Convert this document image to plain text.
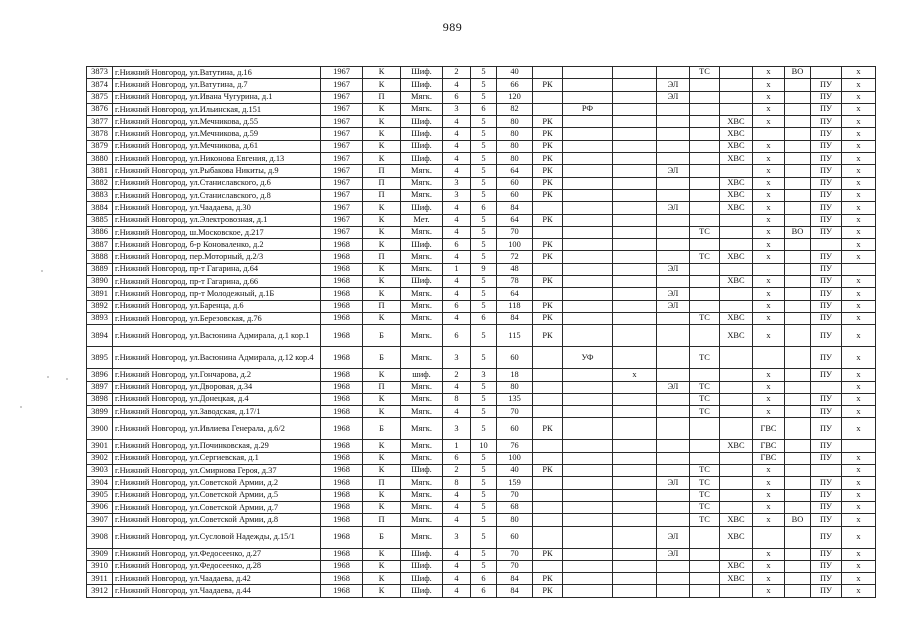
989
3873	г.Нижний Новгород, ул.Ватутина, д.16	1967	К	Шиф.	2	5	40					ТС		х	ВО		х
3874	г.Нижний Новгород, ул.Ватутина, д.7	1967	К	Шиф.	4	5	66	РК			ЭЛ			х		ПУ	х
3875	г.Нижний Новгород, ул.Ивана Чугурина, д.1	1967	П	Мягк.	6	5	120				ЭЛ			х		ПУ	х
3876	г.Нижний Новгород, ул.Ильинская, д.151	1967	К	Мягк.	3	6	82		РФ					х		ПУ	х
3877	г.Нижний Новгород, ул.Мечникова, д.55	1967	К	Шиф.	4	5	80	РК					ХВС	х		ПУ	х
3878	г.Нижний Новгород, ул.Мечникова, д.59	1967	К	Шиф.	4	5	80	РК					ХВС			ПУ	х
3879	г.Нижний Новгород, ул.Мечникова, д.61	1967	К	Шиф.	4	5	80	РК					ХВС	х		ПУ	х
3880	г.Нижний Новгород, ул.Никонова Евгения, д.13	1967	К	Шиф.	4	5	80	РК					ХВС	х		ПУ	х
3881	г.Нижний Новгород, ул.Рыбакова Никиты, д.9	1967	П	Мягк.	4	5	64	РК			ЭЛ			х		ПУ	х
3882	г.Нижний Новгород, ул.Станиславского, д.6	1967	П	Мягк.	3	5	60	РК					ХВС	х		ПУ	х
3883	г.Нижний Новгород, ул.Станиславского, д.8	1967	П	Мягк.	3	5	60	РК					ХВС	х		ПУ	х
3884	г.Нижний Новгород, ул.Чаадаева, д.30	1967	К	Шиф.	4	6	84				ЭЛ		ХВС	х		ПУ	х
3885	г.Нижний Новгород, ул.Электровозная, д.1	1967	К	Мет.	4	5	64	РК						х		ПУ	х
3886	г.Нижний Новгород, ш.Московское, д.217	1967	К	Мягк.	4	5	70					ТС		х	ВО	ПУ	х
3887	г.Нижний Новгород, б-р Коноваленко, д.2	1968	К	Шиф.	6	5	100	РК						х			х
3888	г.Нижний Новгород, пер.Моторный, д.2/3	1968	П	Мягк.	4	5	72	РК				ТС	ХВС	х		ПУ	х
3889	г.Нижний Новгород, пр-т Гагарина, д.64	1968	К	Мягк.	1	9	48				ЭЛ					ПУ	
3890	г.Нижний Новгород, пр-т Гагарина, д.66	1968	К	Шиф.	4	5	78	РК					ХВС	х		ПУ	х
3891	г.Нижний Новгород, пр-т Молодежный, д.1Б	1968	К	Мягк.	4	5	64				ЭЛ			х		ПУ	х
3892	г.Нижний Новгород, ул.Баренца, д.6	1968	П	Мягк.	6	5	118	РК			ЭЛ			х		ПУ	х
3893	г.Нижний Новгород, ул.Березовская, д.76	1968	К	Мягк.	4	6	84	РК				ТС	ХВС	х		ПУ	х
3894	г.Нижний Новгород, ул.Васюнина Адмирала, д.1 кор.1	1968	Б	Мягк.	6	5	115	РК					ХВС	х		ПУ	х
3895	г.Нижний Новгород, ул.Васюнина Адмирала, д.12 кор.4	1968	Б	Мягк.	3	5	60		УФ			ТС				ПУ	х
3896	г.Нижний Новгород, ул.Гончарова, д.2	1968	К	шиф.	2	3	18			х				х		ПУ	х
3897	г.Нижний Новгород, ул.Дворовая, д.34	1968	П	Мягк.	4	5	80				ЭЛ	ТС		х			х
3898	г.Нижний Новгород, ул.Донецкая, д.4	1968	К	Мягк.	8	5	135					ТС		х		ПУ	х
3899	г.Нижний Новгород, ул.Заводская, д.17/1	1968	К	Мягк.	4	5	70					ТС		х		ПУ	х
3900	г.Нижний Новгород, ул.Ивлиева Генерала, д.6/2	1968	Б	Мягк.	3	5	60	РК						ГВС		ПУ	х
3901	г.Нижний Новгород, ул.Починковская, д.29	1968	К	Мягк.	1	10	76						ХВС	ГВС		ПУ	
3902	г.Нижний Новгород, ул.Сергиевская, д.1	1968	К	Мягк.	6	5	100							ГВС		ПУ	х
3903	г.Нижний Новгород, ул.Смирнова Героя, д.37	1968	К	Шиф.	2	5	40	РК				ТС		х			х
3904	г.Нижний Новгород, ул.Советской Армии, д.2	1968	П	Мягк.	8	5	159				ЭЛ	ТС		х		ПУ	х
3905	г.Нижний Новгород, ул.Советской Армии, д.5	1968	К	Мягк.	4	5	70					ТС		х		ПУ	х
3906	г.Нижний Новгород, ул.Советской Армии, д.7	1968	К	Мягк.	4	5	68					ТС		х		ПУ	х
3907	г.Нижний Новгород, ул.Советской Армии, д.8	1968	П	Мягк.	4	5	80					ТС	ХВС	х	ВО	ПУ	х
3908	г.Нижний Новгород, ул.Сусловой Надежды, д.15/1	1968	Б	Мягк.	3	5	60				ЭЛ		ХВС			ПУ	х
3909	г.Нижний Новгород, ул.Федосеенко, д.27	1968	К	Шиф.	4	5	70	РК			ЭЛ			х		ПУ	х
3910	г.Нижний Новгород, ул.Федосеенко, д.28	1968	К	Шиф.	4	5	70						ХВС	х		ПУ	х
3911	г.Нижний Новгород, ул.Чаадаева, д.42	1968	К	Шиф.	4	6	84	РК					ХВС	х		ПУ	х
3912	г.Нижний Новгород, ул.Чаадаева, д.44	1968	К	Шиф.	4	6	84	РК						х		ПУ	х
